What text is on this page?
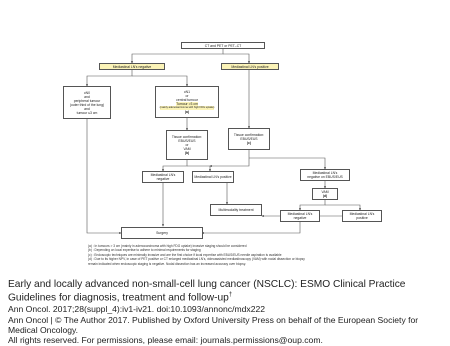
CT and PET or PET–CT
Mediastinal LN's negative	Mediastinal LN's positive
cN0
and
peripheral tumour
(outer third of the lung)
and
tumour ≤3 cm
cN1
or
central tumour
Tumour >3 cm
(mainly adenocarcinoma with high FDG uptake)
(a)
Tissue confirmation:
EBUS/EUS
or
VAM
(b)
Tissue confirmation:
EBUS/EUS
(c)
Mediastinal LN's negative	Mediastinal LN's positive
Mediastinal LN's
negative on EBUS/EUS
VAM
(d)
Multimodality treatment
Mediastinal LN's negative
Mediastinal LN's positive
Surgery
(a) : In tumours > 3 cm (mainly in adenocarcinoma with high FDG uptake) invasive staging should be considered
(b) : Depending on local expertise to adhere to minimal requirements for staging
(c) : Endoscopic techniques are minimally invasive and are the first choice if local expertise with EBUS/EUS needle aspiration is available
(d) : Due to its higher NPV, in case of PET positive or CT enlarged mediastinal LN's, videoassisted mediastinoscopy (VAM) with nodal dissection or biopsy
remain indicated when endoscopic staging is negative. Nodal dissection has an increased accuracy over biopsy.
Early and locally advanced non-small-cell lung cancer (NSCLC): ESMO Clinical Practice Guidelines for diagnosis, treatment and follow-up†
Ann Oncol. 2017;28(suppl_4):iv1-iv21. doi:10.1093/annonc/mdx222
Ann Oncol | © The Author 2017. Published by Oxford University Press on behalf of the European Society for Medical Oncology.
All rights reserved. For permissions, please email: journals.permissions@oup.com.
